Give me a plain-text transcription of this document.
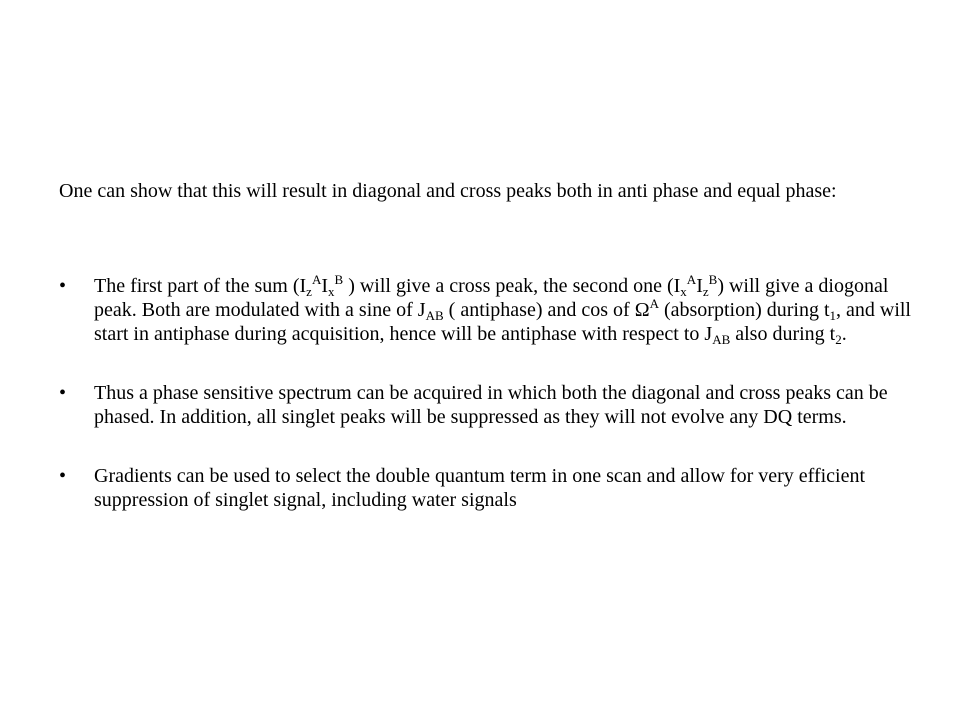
One can show that this will result in diagonal and cross peaks both in anti phase and equal phase:

• The first part of the sum ($I_z^AI_x^B$ ) will give a cross peak, the second one $(I_x^AI_z^B)$ will give a diogonal peak. Both are modulated with a sine of $J_{AB}$ ( antiphase) and cos of $\Omega^A$ (absorption) during $t_1$, and will start in antiphase during acquisition, hence will be antiphase with respect to $J_{AB}$ also during $t_2$.
• Thus a phase sensitive spectrum can be acquired in which both the diagonal and cross peaks can be phased. In addition, all singlet peaks will be suppressed as they will not evolve any DQ terms.
• Gradients can be used to select the double quantum term in one scan and allow for very efficient suppression of singlet signal, including water signals
